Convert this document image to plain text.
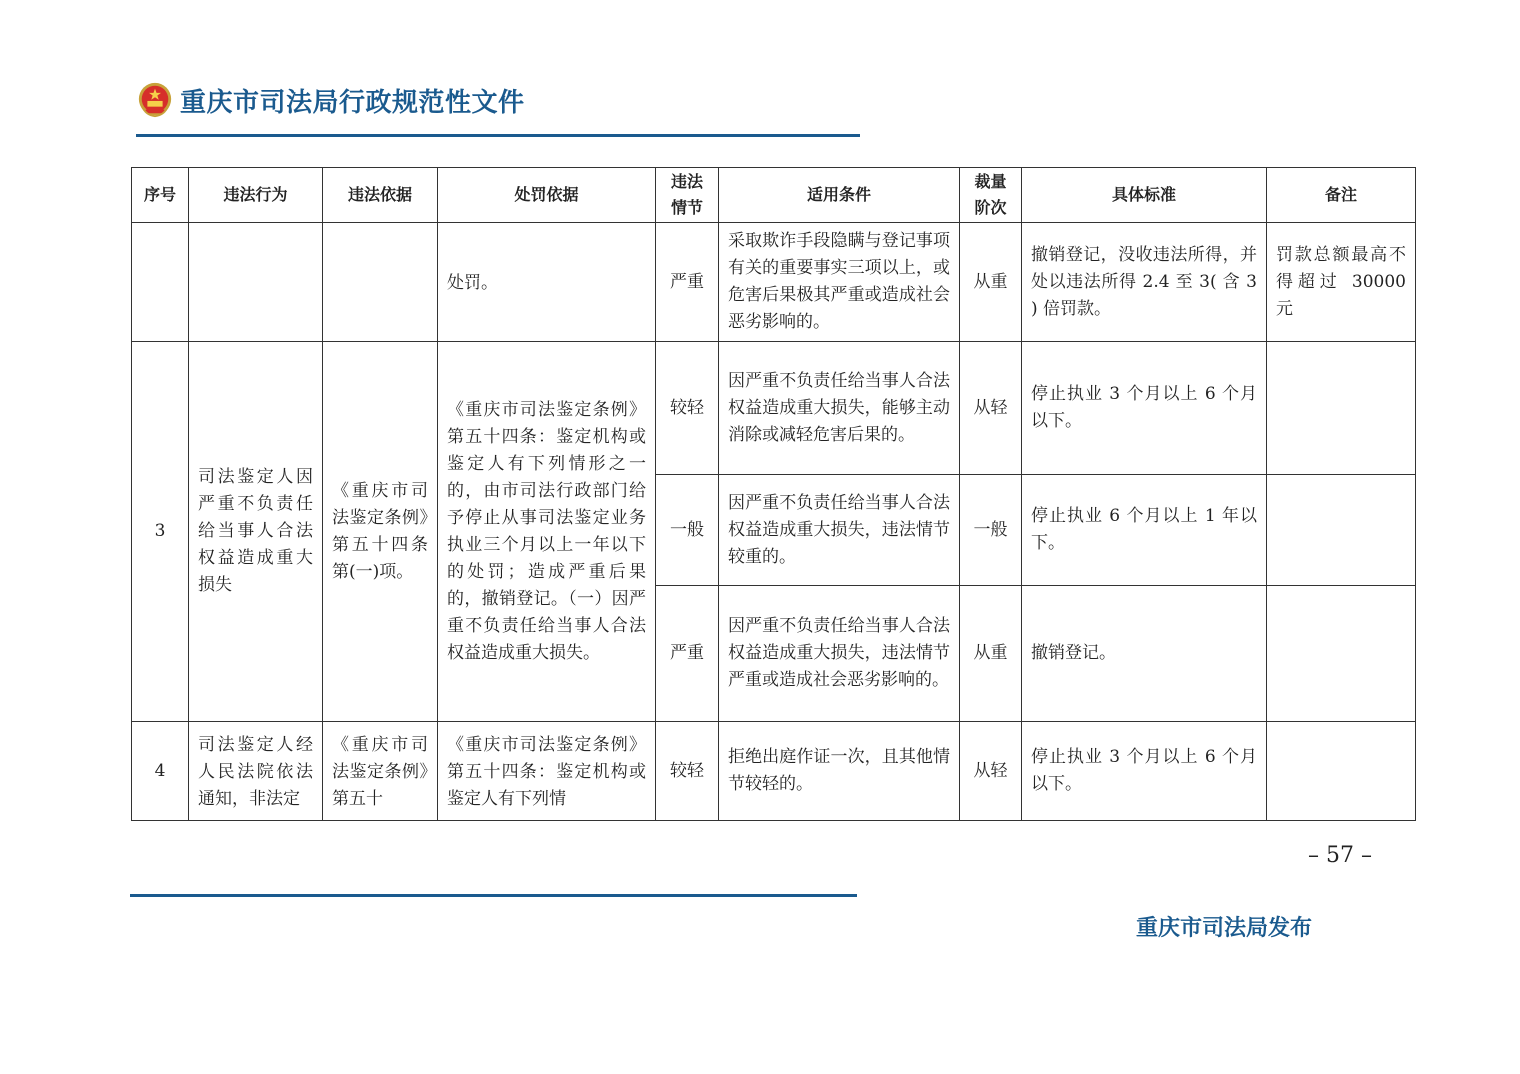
重庆市司法局行政规范性文件
序号	违法行为	违法依据	处罚依据	违法情节	适用条件	裁量阶次	具体标准	备注
			处罚。	严重	采取欺诈手段隐瞒与登记事项有关的重要事实三项以上，或危害后果极其严重或造成社会恶劣影响的。	从重	撤销登记，没收违法所得，并处以违法所得 2.4 至 3( 含 3 ) 倍罚款。	罚款总额最高不得超过 30000 元
3	司法鉴定人因严重不负责任给当事人合法权益造成重大损失	《重庆市司法鉴定条例》第五十四条第(一)项。	《重庆市司法鉴定条例》第五十四条：鉴定机构或鉴定人有下列情形之一的，由市司法行政部门给予停止从事司法鉴定业务执业三个月以上一年以下的处罚；造成严重后果的，撤销登记。（一）因严重不负责任给当事人合法权益造成重大损失。	较轻	因严重不负责任给当事人合法权益造成重大损失，能够主动消除或减轻危害后果的。	从轻	停止执业 3 个月以上 6 个月以下。	
				一般	因严重不负责任给当事人合法权益造成重大损失，违法情节较重的。	一般	停止执业 6 个月以上 1 年以下。	
				严重	因严重不负责任给当事人合法权益造成重大损失，违法情节严重或造成社会恶劣影响的。	从重	撤销登记。	
4	司法鉴定人经人民法院依法通知，非法定	《重庆市司法鉴定条例》第五十	《重庆市司法鉴定条例》第五十四条：鉴定机构或鉴定人有下列情	较轻	拒绝出庭作证一次，且其他情节较轻的。	从轻	停止执业 3 个月以上 6 个月以下。	
– 57 –
重庆市司法局发布
